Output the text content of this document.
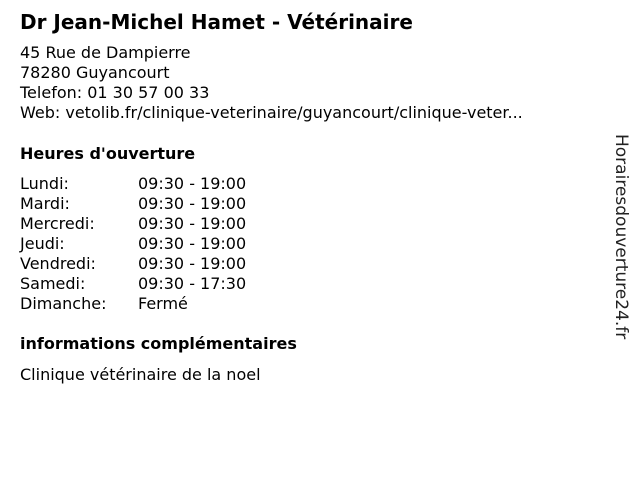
Dr Jean-Michel Hamet - Vétérinaire
45 Rue de Dampierre
78280 Guyancourt
Telefon: 01 30 57 00 33
Web: vetolib.fr/clinique-veterinaire/guyancourt/clinique-veter...
Heures d'ouverture
Lundi:	09:30 - 19:00
Mardi:	09:30 - 19:00
Mercredi:	09:30 - 19:00
Jeudi:	09:30 - 19:00
Vendredi:	09:30 - 19:00
Samedi:	09:30 - 17:30
Dimanche:	Fermé
informations complémentaires
Clinique vétérinaire de la noel
Horairesdouverture24.fr
